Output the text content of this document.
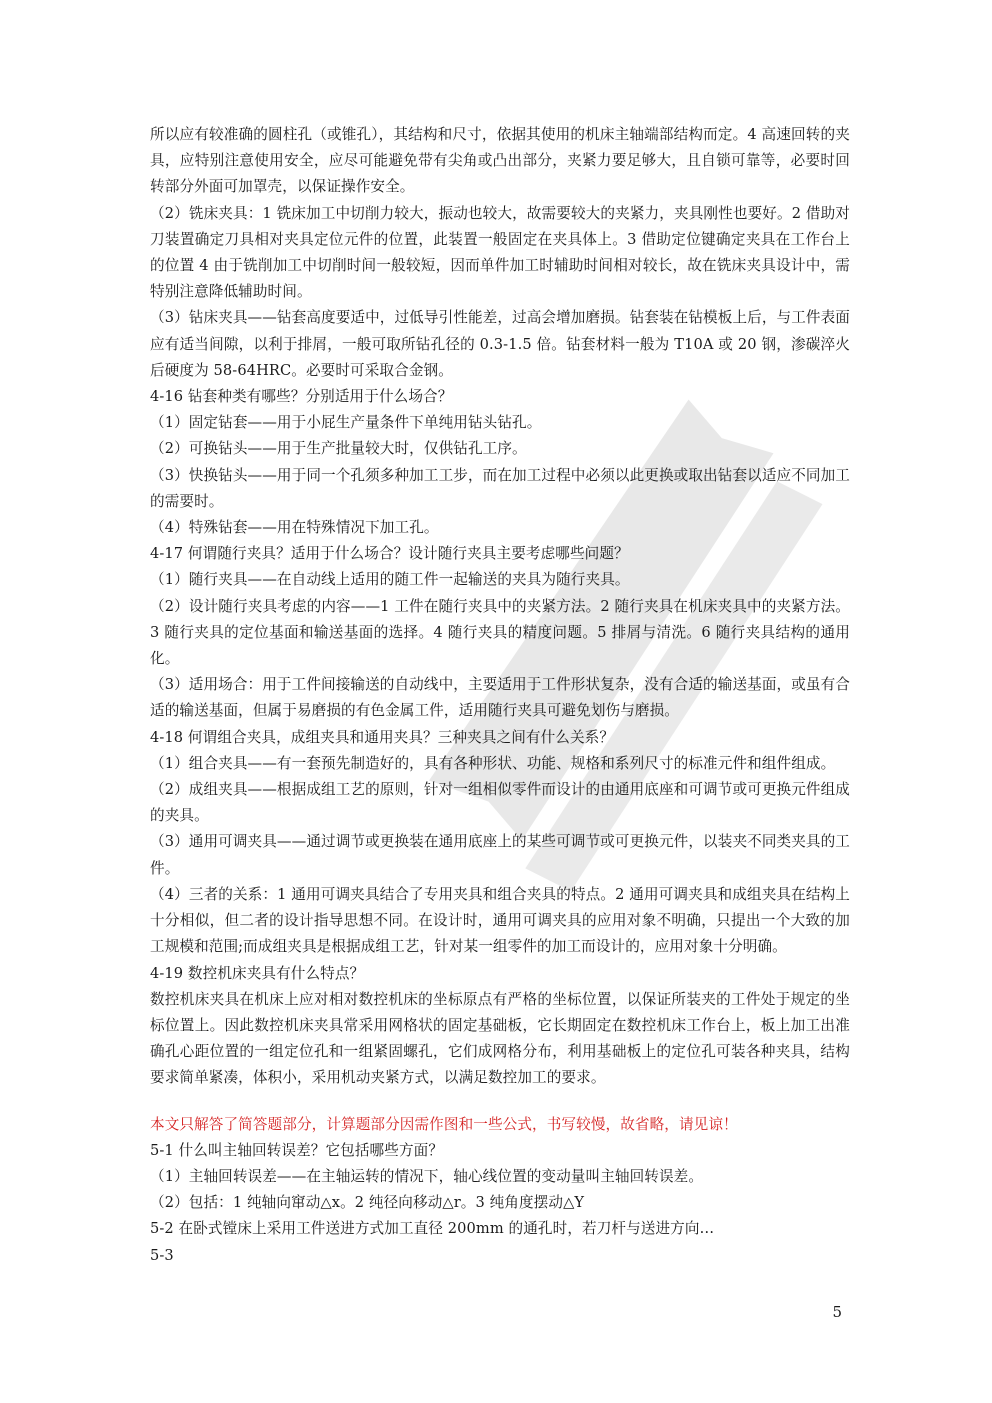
所以应有较准确的圆柱孔（或锥孔），其结构和尺寸，依据其使用的机床主轴端部结构而定。4 高速回转的夹具，应特别注意使用安全，应尽可能避免带有尖角或凸出部分，夹紧力要足够大，且自锁可靠等，必要时回转部分外面可加罩壳，以保证操作安全。

（2）铣床夹具：1 铣床加工中切削力较大，振动也较大，故需要较大的夹紧力，夹具刚性也要好。2 借助对刀装置确定刀具相对夹具定位元件的位置，此装置一般固定在夹具体上。3 借助定位键确定夹具在工作台上的位置 4 由于铣削加工中切削时间一般较短，因而单件加工时辅助时间相对较长，故在铣床夹具设计中，需特别注意降低辅助时间。

（3）钻床夹具——钻套高度要适中，过低导引性能差，过高会增加磨损。钻套装在钻模板上后，与工件表面应有适当间隙，以利于排屑，一般可取所钻孔径的 0.3-1.5 倍。钻套材料一般为 T10A 或 20 钢，渗碳淬火后硬度为 58-64HRC。必要时可采取合金钢。

4-16 钻套种类有哪些？分别适用于什么场合？

（1）固定钻套——用于小屁生产量条件下单纯用钻头钻孔。

（2）可换钻头——用于生产批量较大时，仅供钻孔工序。

（3）快换钻头——用于同一个孔须多种加工工步，而在加工过程中必须以此更换或取出钻套以适应不同加工的需要时。

（4）特殊钻套——用在特殊情况下加工孔。

4-17 何谓随行夹具？适用于什么场合？设计随行夹具主要考虑哪些问题？

（1）随行夹具——在自动线上适用的随工件一起输送的夹具为随行夹具。

（2）设计随行夹具考虑的内容——1 工件在随行夹具中的夹紧方法。2 随行夹具在机床夹具中的夹紧方法。3 随行夹具的定位基面和输送基面的选择。4 随行夹具的精度问题。5 排屑与清洗。6 随行夹具结构的通用化。

（3）适用场合：用于工件间接输送的自动线中，主要适用于工件形状复杂，没有合适的输送基面，或虽有合适的输送基面，但属于易磨损的有色金属工件，适用随行夹具可避免划伤与磨损。

4-18 何谓组合夹具，成组夹具和通用夹具？三种夹具之间有什么关系？

（1）组合夹具——有一套预先制造好的，具有各种形状、功能、规格和系列尺寸的标准元件和组件组成。

（2）成组夹具——根据成组工艺的原则，针对一组相似零件而设计的由通用底座和可调节或可更换元件组成的夹具。

（3）通用可调夹具——通过调节或更换装在通用底座上的某些可调节或可更换元件，以装夹不同类夹具的工件。

（4）三者的关系：1 通用可调夹具结合了专用夹具和组合夹具的特点。2 通用可调夹具和成组夹具在结构上十分相似，但二者的设计指导思想不同。在设计时，通用可调夹具的应用对象不明确，只提出一个大致的加工规模和范围;而成组夹具是根据成组工艺，针对某一组零件的加工而设计的，应用对象十分明确。

4-19 数控机床夹具有什么特点？

数控机床夹具在机床上应对相对数控机床的坐标原点有严格的坐标位置，以保证所装夹的工件处于规定的坐标位置上。因此数控机床夹具常采用网格状的固定基础板，它长期固定在数控机床工作台上，板上加工出准确孔心距位置的一组定位孔和一组紧固螺孔，它们成网格分布，利用基础板上的定位孔可装各种夹具，结构要求简单紧凑，体积小，采用机动夹紧方式，以满足数控加工的要求。

本文只解答了简答题部分，计算题部分因需作图和一些公式，书写较慢，故省略，请见谅！

5-1 什么叫主轴回转误差？它包括哪些方面？

（1）主轴回转误差——在主轴运转的情况下，轴心线位置的变动量叫主轴回转误差。

（2）包括：1 纯轴向窜动△x。2 纯径向移动△r。3 纯角度摆动△Y

5-2 在卧式镗床上采用工件送进方式加工直径 200mm 的通孔时，若刀杆与送进方向…

5-3

5
